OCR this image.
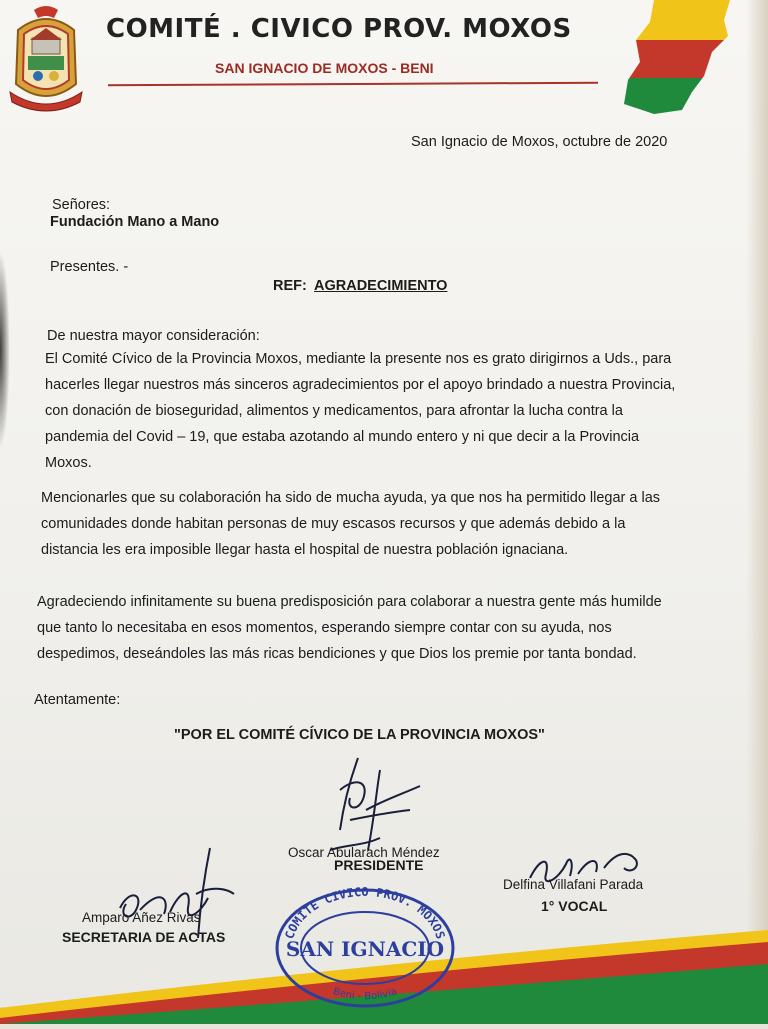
COMITÉ . CIVICO PROV. MOXOS
SAN IGNACIO DE MOXOS - BENI
San Ignacio de Moxos, octubre de 2020
Señores:
Fundación Mano a Mano
Presentes. -
REF: AGRADECIMIENTO
De nuestra mayor consideración:
El Comité Cívico de la Provincia Moxos, mediante la presente nos es grato dirigirnos a Uds., para
hacerles llegar nuestros más sinceros agradecimientos por el apoyo brindado a nuestra Provincia,
con donación de bioseguridad, alimentos y medicamentos, para afrontar la lucha contra la
pandemia del Covid – 19, que estaba azotando al mundo entero y ni que decir a la Provincia
Moxos.
Mencionarles que su colaboración ha sido de mucha ayuda, ya que nos ha permitido llegar a las
comunidades donde habitan personas de muy escasos recursos y que además debido a la
distancia les era imposible llegar hasta el hospital de nuestra población ignaciana.
Agradeciendo infinitamente su buena predisposición para colaborar a nuestra gente más humilde
que tanto lo necesitaba en esos momentos, esperando siempre contar con su ayuda, nos
despedimos, deseándoles las más ricas bendiciones y que Dios los premie por tanta bondad.
Atentamente:
"POR EL COMITÉ CÍVICO DE LA PROVINCIA MOXOS"
Oscar Abularach Méndez
PRESIDENTE
Amparo Añez Rivas
SECRETARIA DE ACTAS
Delfina Villafani Parada
1° VOCAL
COMITE CIVICO PROV. MOXOS
SAN IGNACIO
Beni - Bolivia
